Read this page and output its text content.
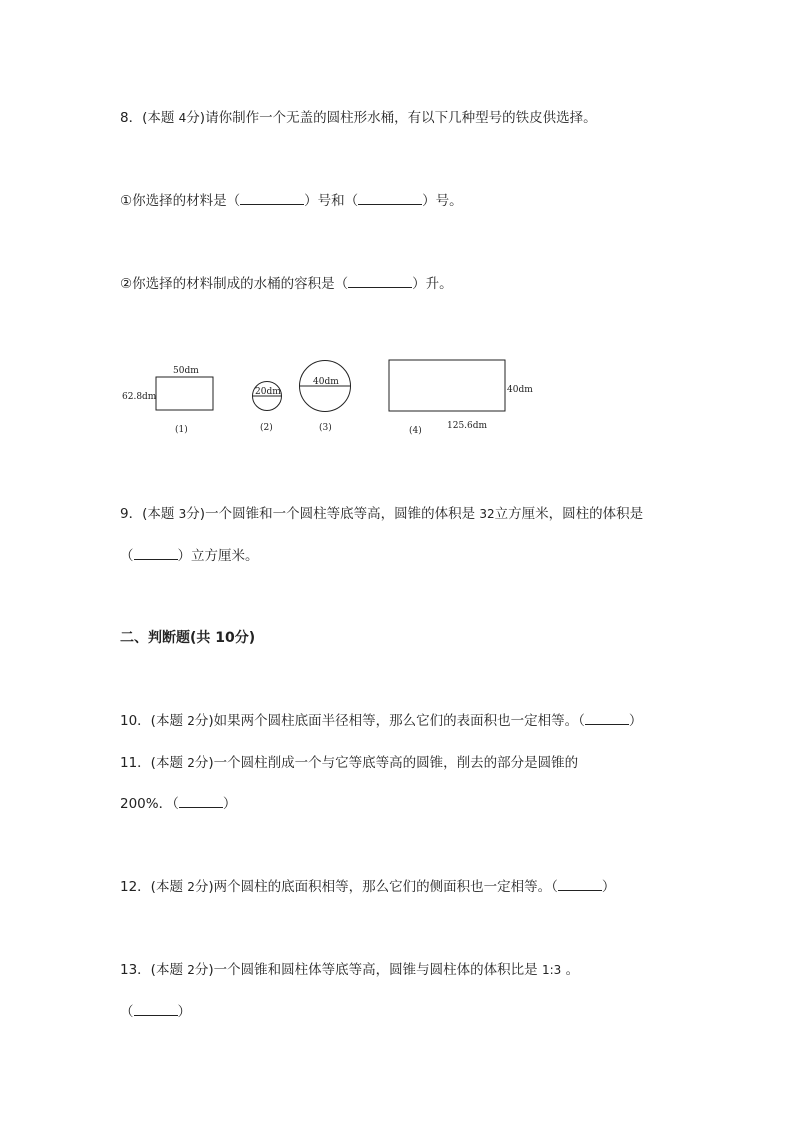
8．(本题 4分)请你制作一个无盖的圆柱形水桶，有以下几种型号的铁皮供选择。
①你选择的材料是（	）号和（	）号。
②你选择的材料制成的水桶的容积是（	）升。
50dm
62.8dm
(1)
20dm
(2)
40dm
(3)
40dm
125.6dm
(4)
9．(本题 3分)一个圆锥和一个圆柱等底等高，圆锥的体积是 32立方厘米，圆柱的体积是
（	）立方厘米。
二、判断题(共 10分)
10．(本题 2分)如果两个圆柱底面半径相等，那么它们的表面积也一定相等。（	）
11．(本题 2分)一个圆柱削成一个与它等底等高的圆锥，削去的部分是圆锥的
200%．（	）
12．(本题 2分)两个圆柱的底面积相等，那么它们的侧面积也一定相等。（	）
13．(本题 2分)一个圆锥和圆柱体等底等高，圆锥与圆柱体的体积比是 1:3 。
（	）
